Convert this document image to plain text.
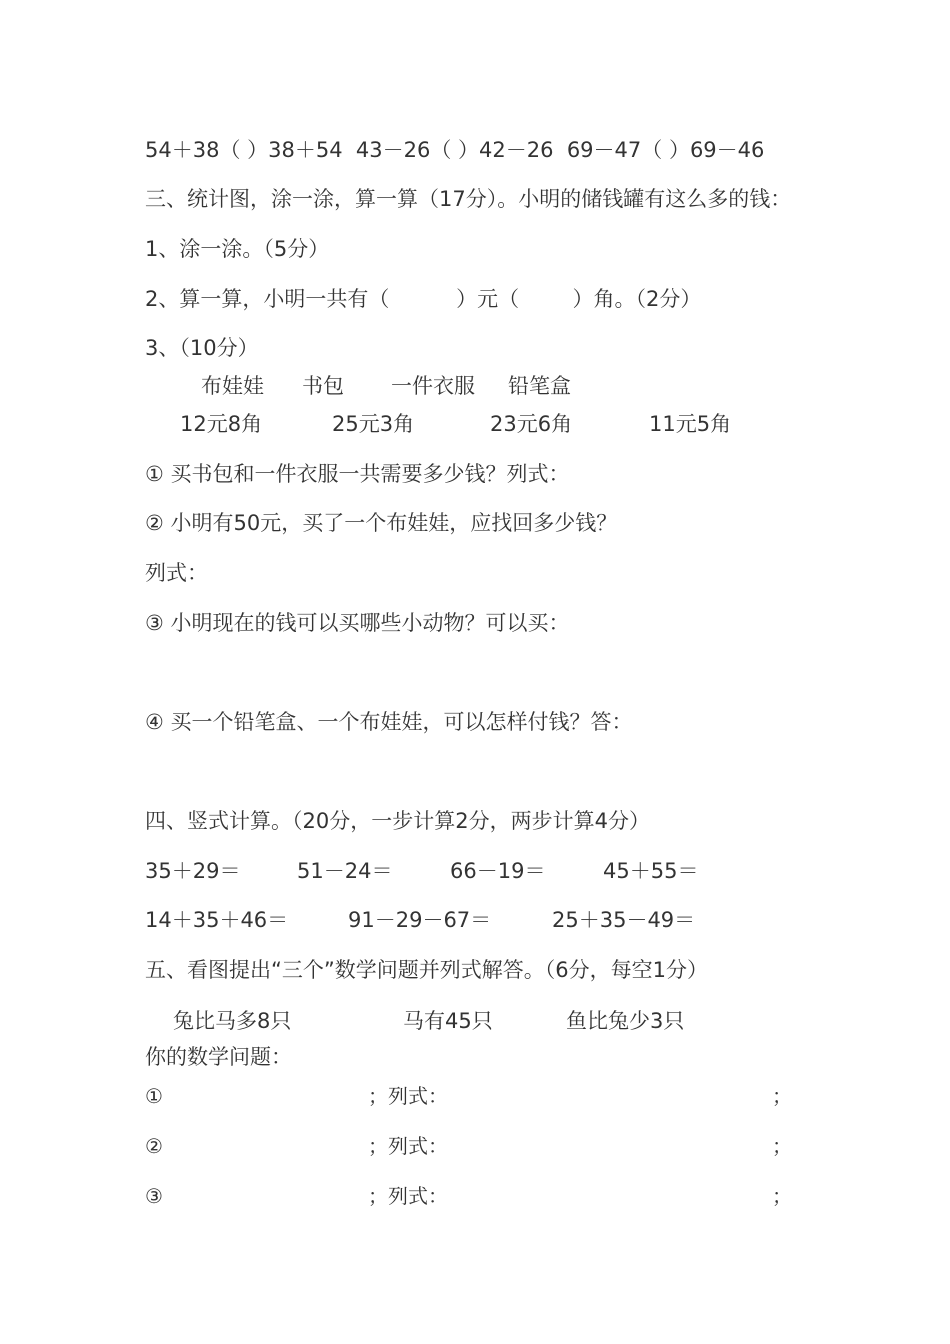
54＋38（ ）38＋54  43－26（ ）42－26  69－47（ ）69－46
三、统计图，涂一涂，算一算（17分）。小明的储钱罐有这么多的钱：
1、涂一涂。（5分）
2、算一算，小明一共有（          ）元（        ）角。（2分）
3、（10分）
布娃娃 书包 一件衣服 铅笔盒
12元8角	25元3角	23元6角	11元5角
① 买书包和一件衣服一共需要多少钱？列式：
② 小明有50元，买了一个布娃娃，应找回多少钱？
列式：
③ 小明现在的钱可以买哪些小动物？可以买：
④ 买一个铅笔盒、一个布娃娃，可以怎样付钱？答：
四、竖式计算。（20分，一步计算2分，两步计算4分）
35＋29＝	51－24＝	66－19＝	45＋55＝
14＋35＋46＝	91－29－67＝	25＋35－49＝
五、看图提出“三个”数学问题并列式解答。（6分，每空1分）
兔比马多8只	马有45只	鱼比兔少3只
你的数学问题：
①	；列式：	；
②	；列式：	；
③	；列式：	；
